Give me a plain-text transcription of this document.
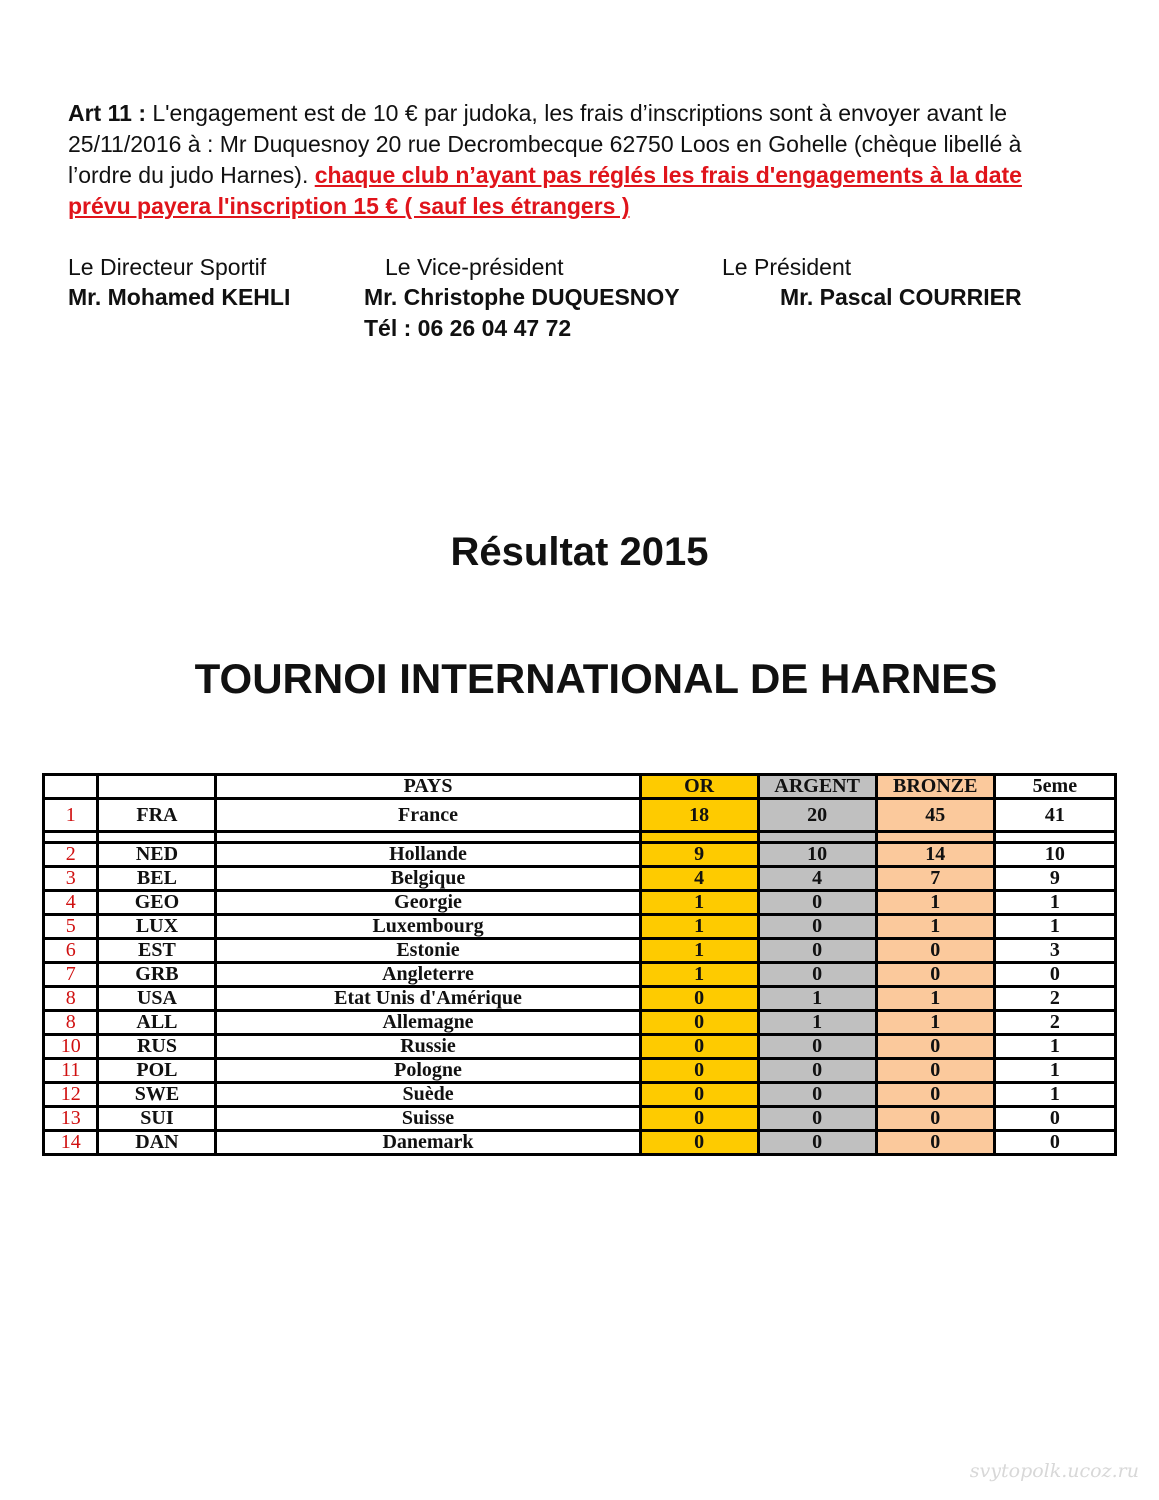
Art 11 : L'engagement est de 10 € par judoka, les frais d’inscriptions sont à envoyer avant le 25/11/2016 à : Mr Duquesnoy 20 rue Decrombecque 62750 Loos en Gohelle (chèque libellé à l’ordre du judo Harnes). chaque club n’ayant pas réglés les frais d'engagements à la date prévu payera l'inscription 15 € ( sauf les étrangers )
Le Directeur Sportif	Le Vice-président	Le Président
Mr. Mohamed KEHLI	Mr. Christophe DUQUESNOY	Mr. Pascal COURRIER
Tél : 06 26 04 47 72
Résultat 2015
TOURNOI INTERNATIONAL DE HARNES
		PAYS	OR	ARGENT	BRONZE	5eme
1	FRA	France	18	20	45	41

2	NED	Hollande	9	10	14	10
3	BEL	Belgique	4	4	7	9
4	GEO	Georgie	1	0	1	1
5	LUX	Luxembourg	1	0	1	1
6	EST	Estonie	1	0	0	3
7	GRB	Angleterre	1	0	0	0
8	USA	Etat Unis d'Amérique	0	1	1	2
8	ALL	Allemagne	0	1	1	2
10	RUS	Russie	0	0	0	1
11	POL	Pologne	0	0	0	1
12	SWE	Suède	0	0	0	1
13	SUI	Suisse	0	0	0	0
14	DAN	Danemark	0	0	0	0
svytopolk.ucoz.ru
